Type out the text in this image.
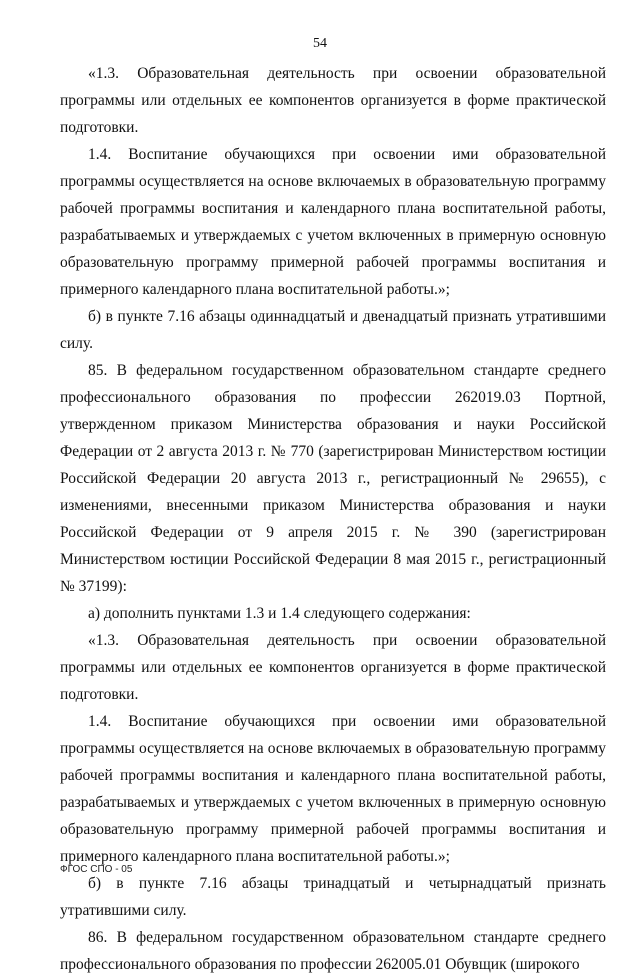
54

«1.3. Образовательная деятельность при освоении образовательной программы или отдельных ее компонентов организуется в форме практической подготовки.

1.4. Воспитание обучающихся при освоении ими образовательной программы осуществляется на основе включаемых в образовательную программу рабочей программы воспитания и календарного плана воспитательной работы, разрабатываемых и утверждаемых с учетом включенных в примерную основную образовательную программу примерной рабочей программы воспитания и примерного календарного плана воспитательной работы.»;

б) в пункте 7.16 абзацы одиннадцатый и двенадцатый признать утратившими силу.

85. В федеральном государственном образовательном стандарте среднего профессионального образования по профессии 262019.03 Портной, утвержденном приказом Министерства образования и науки Российской Федерации от 2 августа 2013 г. № 770 (зарегистрирован Министерством юстиции Российской Федерации 20 августа 2013 г., регистрационный № 29655), с изменениями, внесенными приказом Министерства образования и науки Российской Федерации от 9 апреля 2015 г. № 390 (зарегистрирован Министерством юстиции Российской Федерации 8 мая 2015 г., регистрационный № 37199):

а) дополнить пунктами 1.3 и 1.4 следующего содержания:

«1.3. Образовательная деятельность при освоении образовательной программы или отдельных ее компонентов организуется в форме практической подготовки.

1.4. Воспитание обучающихся при освоении ими образовательной программы осуществляется на основе включаемых в образовательную программу рабочей программы воспитания и календарного плана воспитательной работы, разрабатываемых и утверждаемых с учетом включенных в примерную основную образовательную программу примерной рабочей программы воспитания и примерного календарного плана воспитательной работы.»;

б) в пункте 7.16 абзацы тринадцатый и четырнадцатый признать утратившими силу.

86. В федеральном государственном образовательном стандарте среднего профессионального образования по профессии 262005.01 Обувщик (широкого

ФГОС СПО - 05
